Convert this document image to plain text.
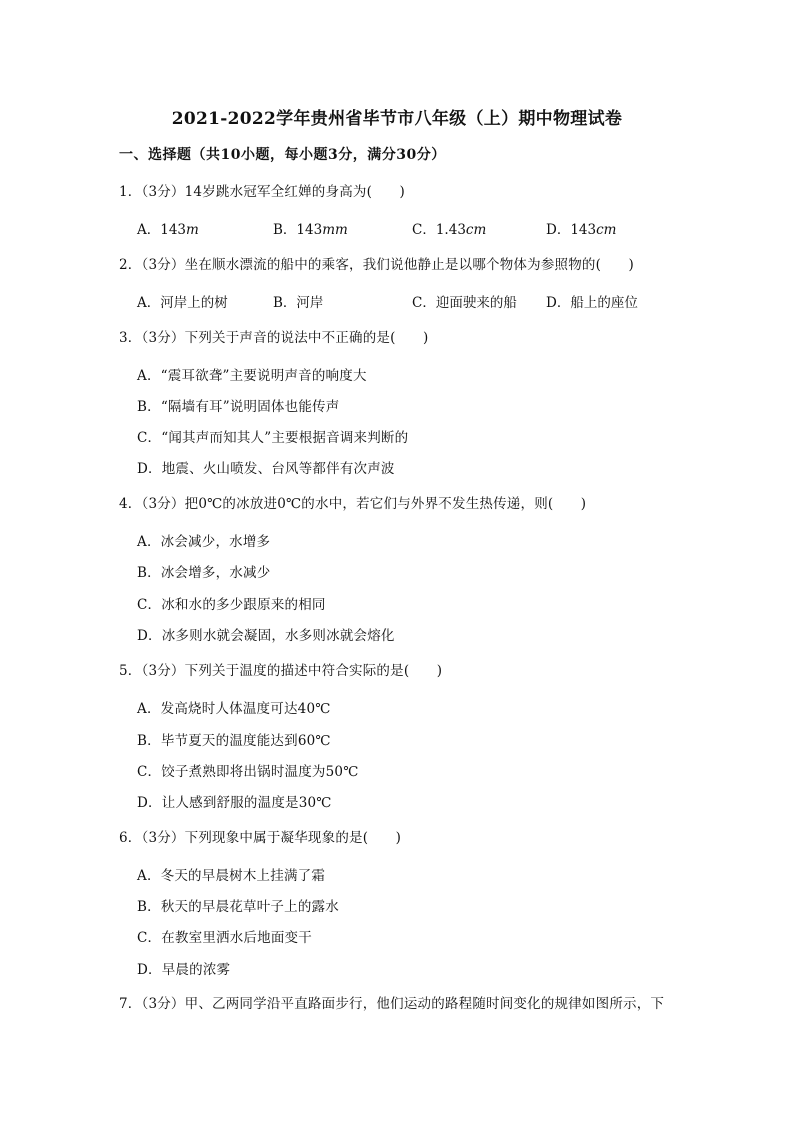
2021-2022学年贵州省毕节市八年级（上）期中物理试卷
一、选择题（共10小题，每小题3分，满分30分）
1．（3分）14岁跳水冠军全红婵的身高为(　　)
A．143m	B．143mm	C．1.43cm	D．143cm
2．（3分）坐在顺水漂流的船中的乘客，我们说他静止是以哪个物体为参照物的(　　)
A．河岸上的树	B．河岸	C．迎面驶来的船 D．船上的座位
3．（3分）下列关于声音的说法中不正确的是(　　)
A．“震耳欲聋”主要说明声音的响度大
B．“隔墙有耳”说明固体也能传声
C．“闻其声而知其人”主要根据音调来判断的
D．地震、火山喷发、台风等都伴有次声波
4．（3分）把0℃的冰放进0℃的水中，若它们与外界不发生热传递，则(　　)
A．冰会减少，水增多
B．冰会增多，水减少
C．冰和水的多少跟原来的相同
D．冰多则水就会凝固，水多则冰就会熔化
5．（3分）下列关于温度的描述中符合实际的是(　　)
A．发高烧时人体温度可达40℃
B．毕节夏天的温度能达到60℃
C．饺子煮熟即将出锅时温度为50℃
D．让人感到舒服的温度是30℃
6．（3分）下列现象中属于凝华现象的是(　　)
A．冬天的早晨树木上挂满了霜
B．秋天的早晨花草叶子上的露水
C．在教室里洒水后地面变干
D．早晨的浓雾
7．（3分）甲、乙两同学沿平直路面步行，他们运动的路程随时间变化的规律如图所示，下
